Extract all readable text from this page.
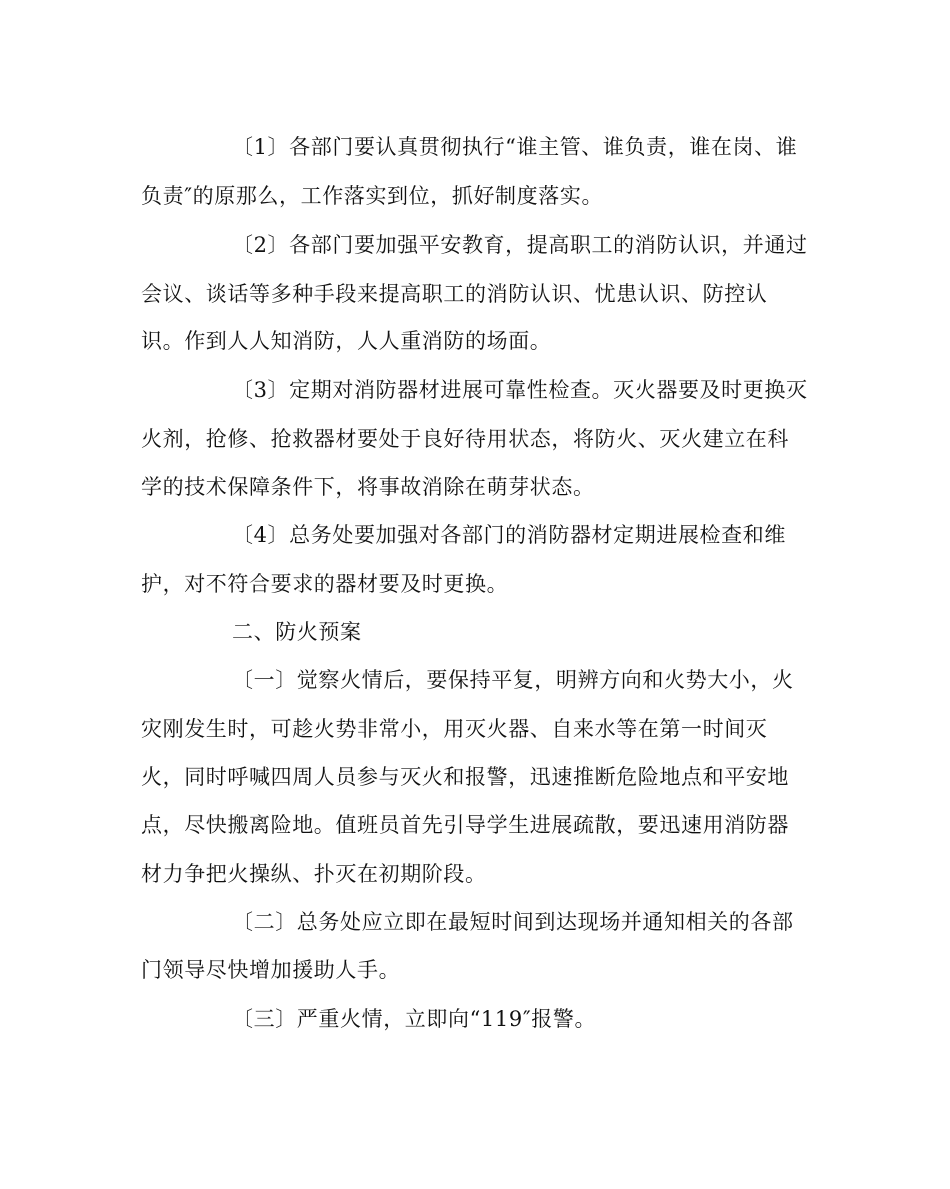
〔1〕各部门要认真贯彻执行“谁主管、谁负责，谁在岗、谁
负责″的原那么，工作落实到位，抓好制度落实。
〔2〕各部门要加强平安教育，提高职工的消防认识，并通过
会议、谈话等多种手段来提高职工的消防认识、忧患认识、防控认
识。作到人人知消防，人人重消防的场面。
〔3〕定期对消防器材进展可靠性检查。灭火器要及时更换灭
火剂，抢修、抢救器材要处于良好待用状态，将防火、灭火建立在科
学的技术保障条件下，将事故消除在萌芽状态。
〔4〕总务处要加强对各部门的消防器材定期进展检查和维
护，对不符合要求的器材要及时更换。
二、防火预案
〔一〕觉察火情后，要保持平复，明辨方向和火势大小，火
灾刚发生时，可趁火势非常小，用灭火器、自来水等在第一时间灭
火，同时呼喊四周人员参与灭火和报警，迅速推断危险地点和平安地
点，尽快搬离险地。值班员首先引导学生进展疏散，要迅速用消防器
材力争把火操纵、扑灭在初期阶段。
〔二〕总务处应立即在最短时间到达现场并通知相关的各部
门领导尽快增加援助人手。
〔三〕严重火情，立即向“119″报警。
